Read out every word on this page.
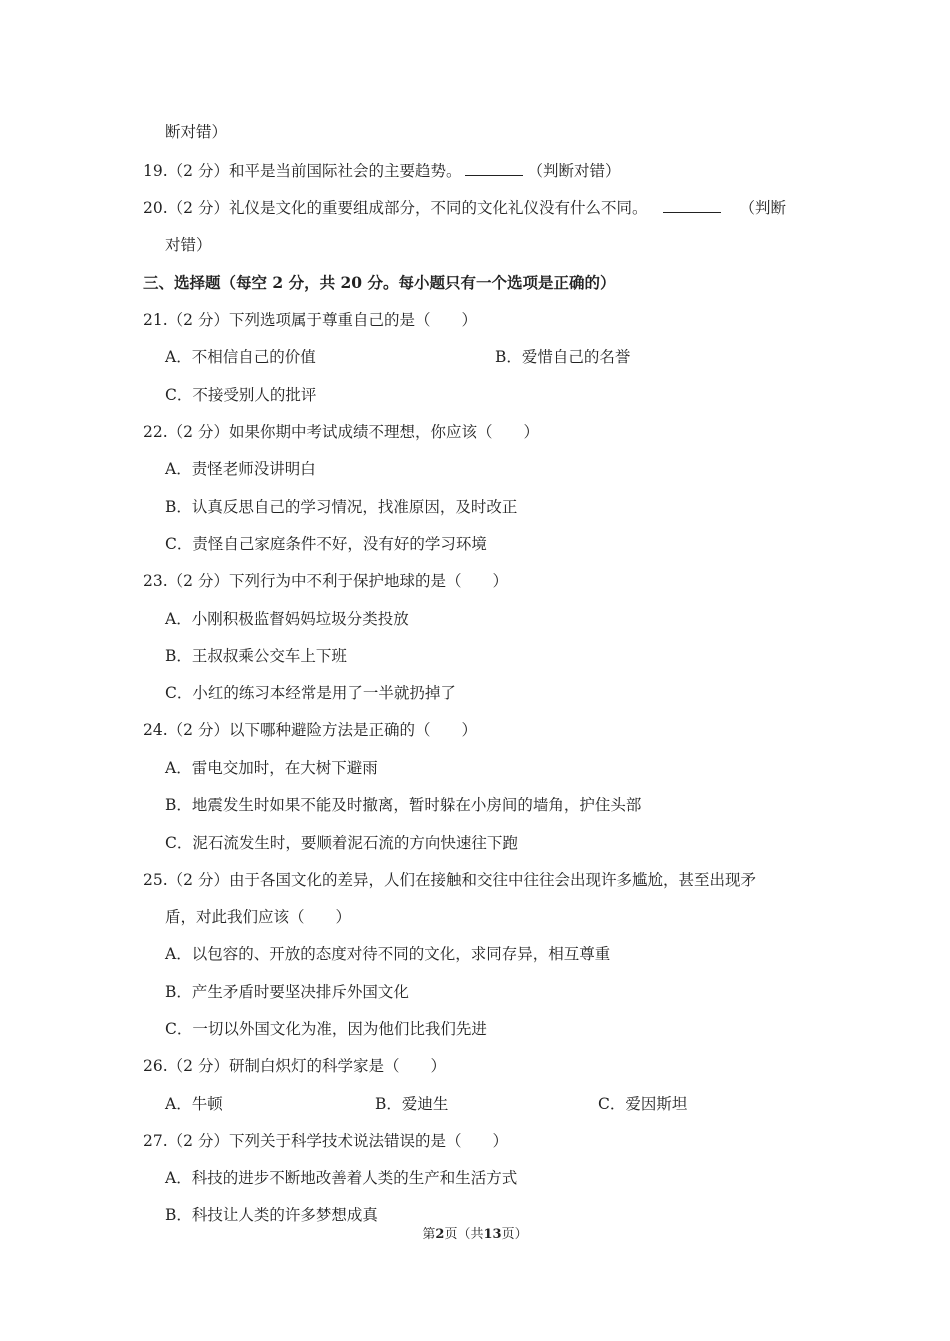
断对错）
19.（2 分）和平是当前国际社会的主要趋势。	（判断对错）
20.（2 分）礼仪是文化的重要组成部分，不同的文化礼仪没有什么不同。	（判断
对错）
三、选择题（每空 2 分，共 20 分。每小题只有一个选项是正确的）
21.（2 分）下列选项属于尊重自己的是（　　）
A．不相信自己的价值	B．爱惜自己的名誉
C．不接受别人的批评
22.（2 分）如果你期中考试成绩不理想，你应该（　　）
A．责怪老师没讲明白
B．认真反思自己的学习情况，找准原因，及时改正
C．责怪自己家庭条件不好，没有好的学习环境
23.（2 分）下列行为中不利于保护地球的是（　　）
A．小刚积极监督妈妈垃圾分类投放
B．王叔叔乘公交车上下班
C．小红的练习本经常是用了一半就扔掉了
24.（2 分）以下哪种避险方法是正确的（　　）
A．雷电交加时，在大树下避雨
B．地震发生时如果不能及时撤离，暂时躲在小房间的墙角，护住头部
C．泥石流发生时，要顺着泥石流的方向快速往下跑
25.（2 分）由于各国文化的差异，人们在接触和交往中往往会出现许多尴尬，甚至出现矛
盾，对此我们应该（　　）
A．以包容的、开放的态度对待不同的文化，求同存异，相互尊重
B．产生矛盾时要坚决排斥外国文化
C．一切以外国文化为准，因为他们比我们先进
26.（2 分）研制白炽灯的科学家是（　　）
A．牛顿	B．爱迪生	C．爱因斯坦
27.（2 分）下列关于科学技术说法错误的是（　　）
A．科技的进步不断地改善着人类的生产和生活方式
B．科技让人类的许多梦想成真
第2页（共13页）
